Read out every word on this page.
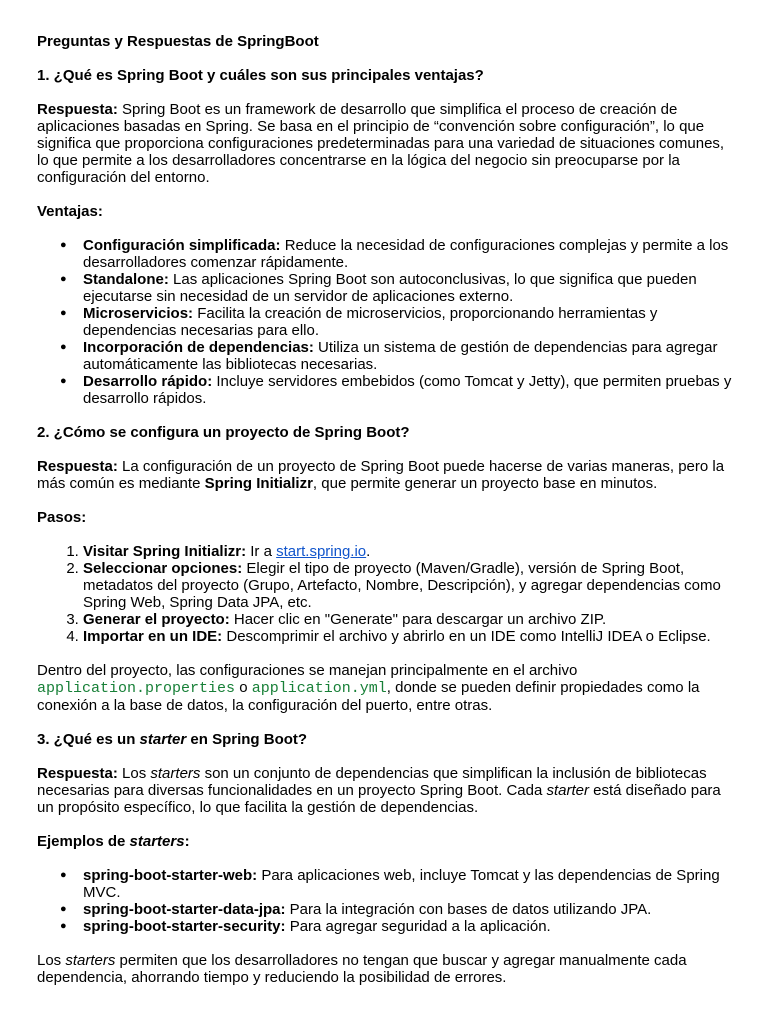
Preguntas y Respuestas de SpringBoot

1. ¿Qué es Spring Boot y cuáles son sus principales ventajas?

Respuesta: Spring Boot es un framework de desarrollo que simplifica el proceso de creación de aplicaciones basadas en Spring. Se basa en el principio de “convención sobre configuración”, lo que significa que proporciona configuraciones predeterminadas para una variedad de situaciones comunes, lo que permite a los desarrolladores concentrarse en la lógica del negocio sin preocuparse por la configuración del entorno.

Ventajas:

● Configuración simplificada: Reduce la necesidad de configuraciones complejas y permite a los desarrolladores comenzar rápidamente.
● Standalone: Las aplicaciones Spring Boot son autoconclusivas, lo que significa que pueden ejecutarse sin necesidad de un servidor de aplicaciones externo.
● Microservicios: Facilita la creación de microservicios, proporcionando herramientas y dependencias necesarias para ello.
● Incorporación de dependencias: Utiliza un sistema de gestión de dependencias para agregar automáticamente las bibliotecas necesarias.
● Desarrollo rápido: Incluye servidores embebidos (como Tomcat y Jetty), que permiten pruebas y desarrollo rápidos.
2. ¿Cómo se configura un proyecto de Spring Boot?

Respuesta: La configuración de un proyecto de Spring Boot puede hacerse de varias maneras, pero la más común es mediante Spring Initializr, que permite generar un proyecto base en minutos.

Pasos:

1. Visitar Spring Initializr: Ir a start.spring.io.
2. Seleccionar opciones: Elegir el tipo de proyecto (Maven/Gradle), versión de Spring Boot, metadatos del proyecto (Grupo, Artefacto, Nombre, Descripción), y agregar dependencias como Spring Web, Spring Data JPA, etc.
3. Generar el proyecto: Hacer clic en "Generate" para descargar un archivo ZIP.
4. Importar en un IDE: Descomprimir el archivo y abrirlo en un IDE como IntelliJ IDEA o Eclipse.

Dentro del proyecto, las configuraciones se manejan principalmente en el archivo application.properties o application.yml, donde se pueden definir propiedades como la conexión a la base de datos, la configuración del puerto, entre otras.

3. ¿Qué es un starter en Spring Boot?

Respuesta: Los starters son un conjunto de dependencias que simplifican la inclusión de bibliotecas necesarias para diversas funcionalidades en un proyecto Spring Boot. Cada starter está diseñado para un propósito específico, lo que facilita la gestión de dependencias.

Ejemplos de starters:

● spring-boot-starter-web: Para aplicaciones web, incluye Tomcat y las dependencias de Spring MVC.
● spring-boot-starter-data-jpa: Para la integración con bases de datos utilizando JPA.
● spring-boot-starter-security: Para agregar seguridad a la aplicación.

Los starters permiten que los desarrolladores no tengan que buscar y agregar manualmente cada dependencia, ahorrando tiempo y reduciendo la posibilidad de errores.
